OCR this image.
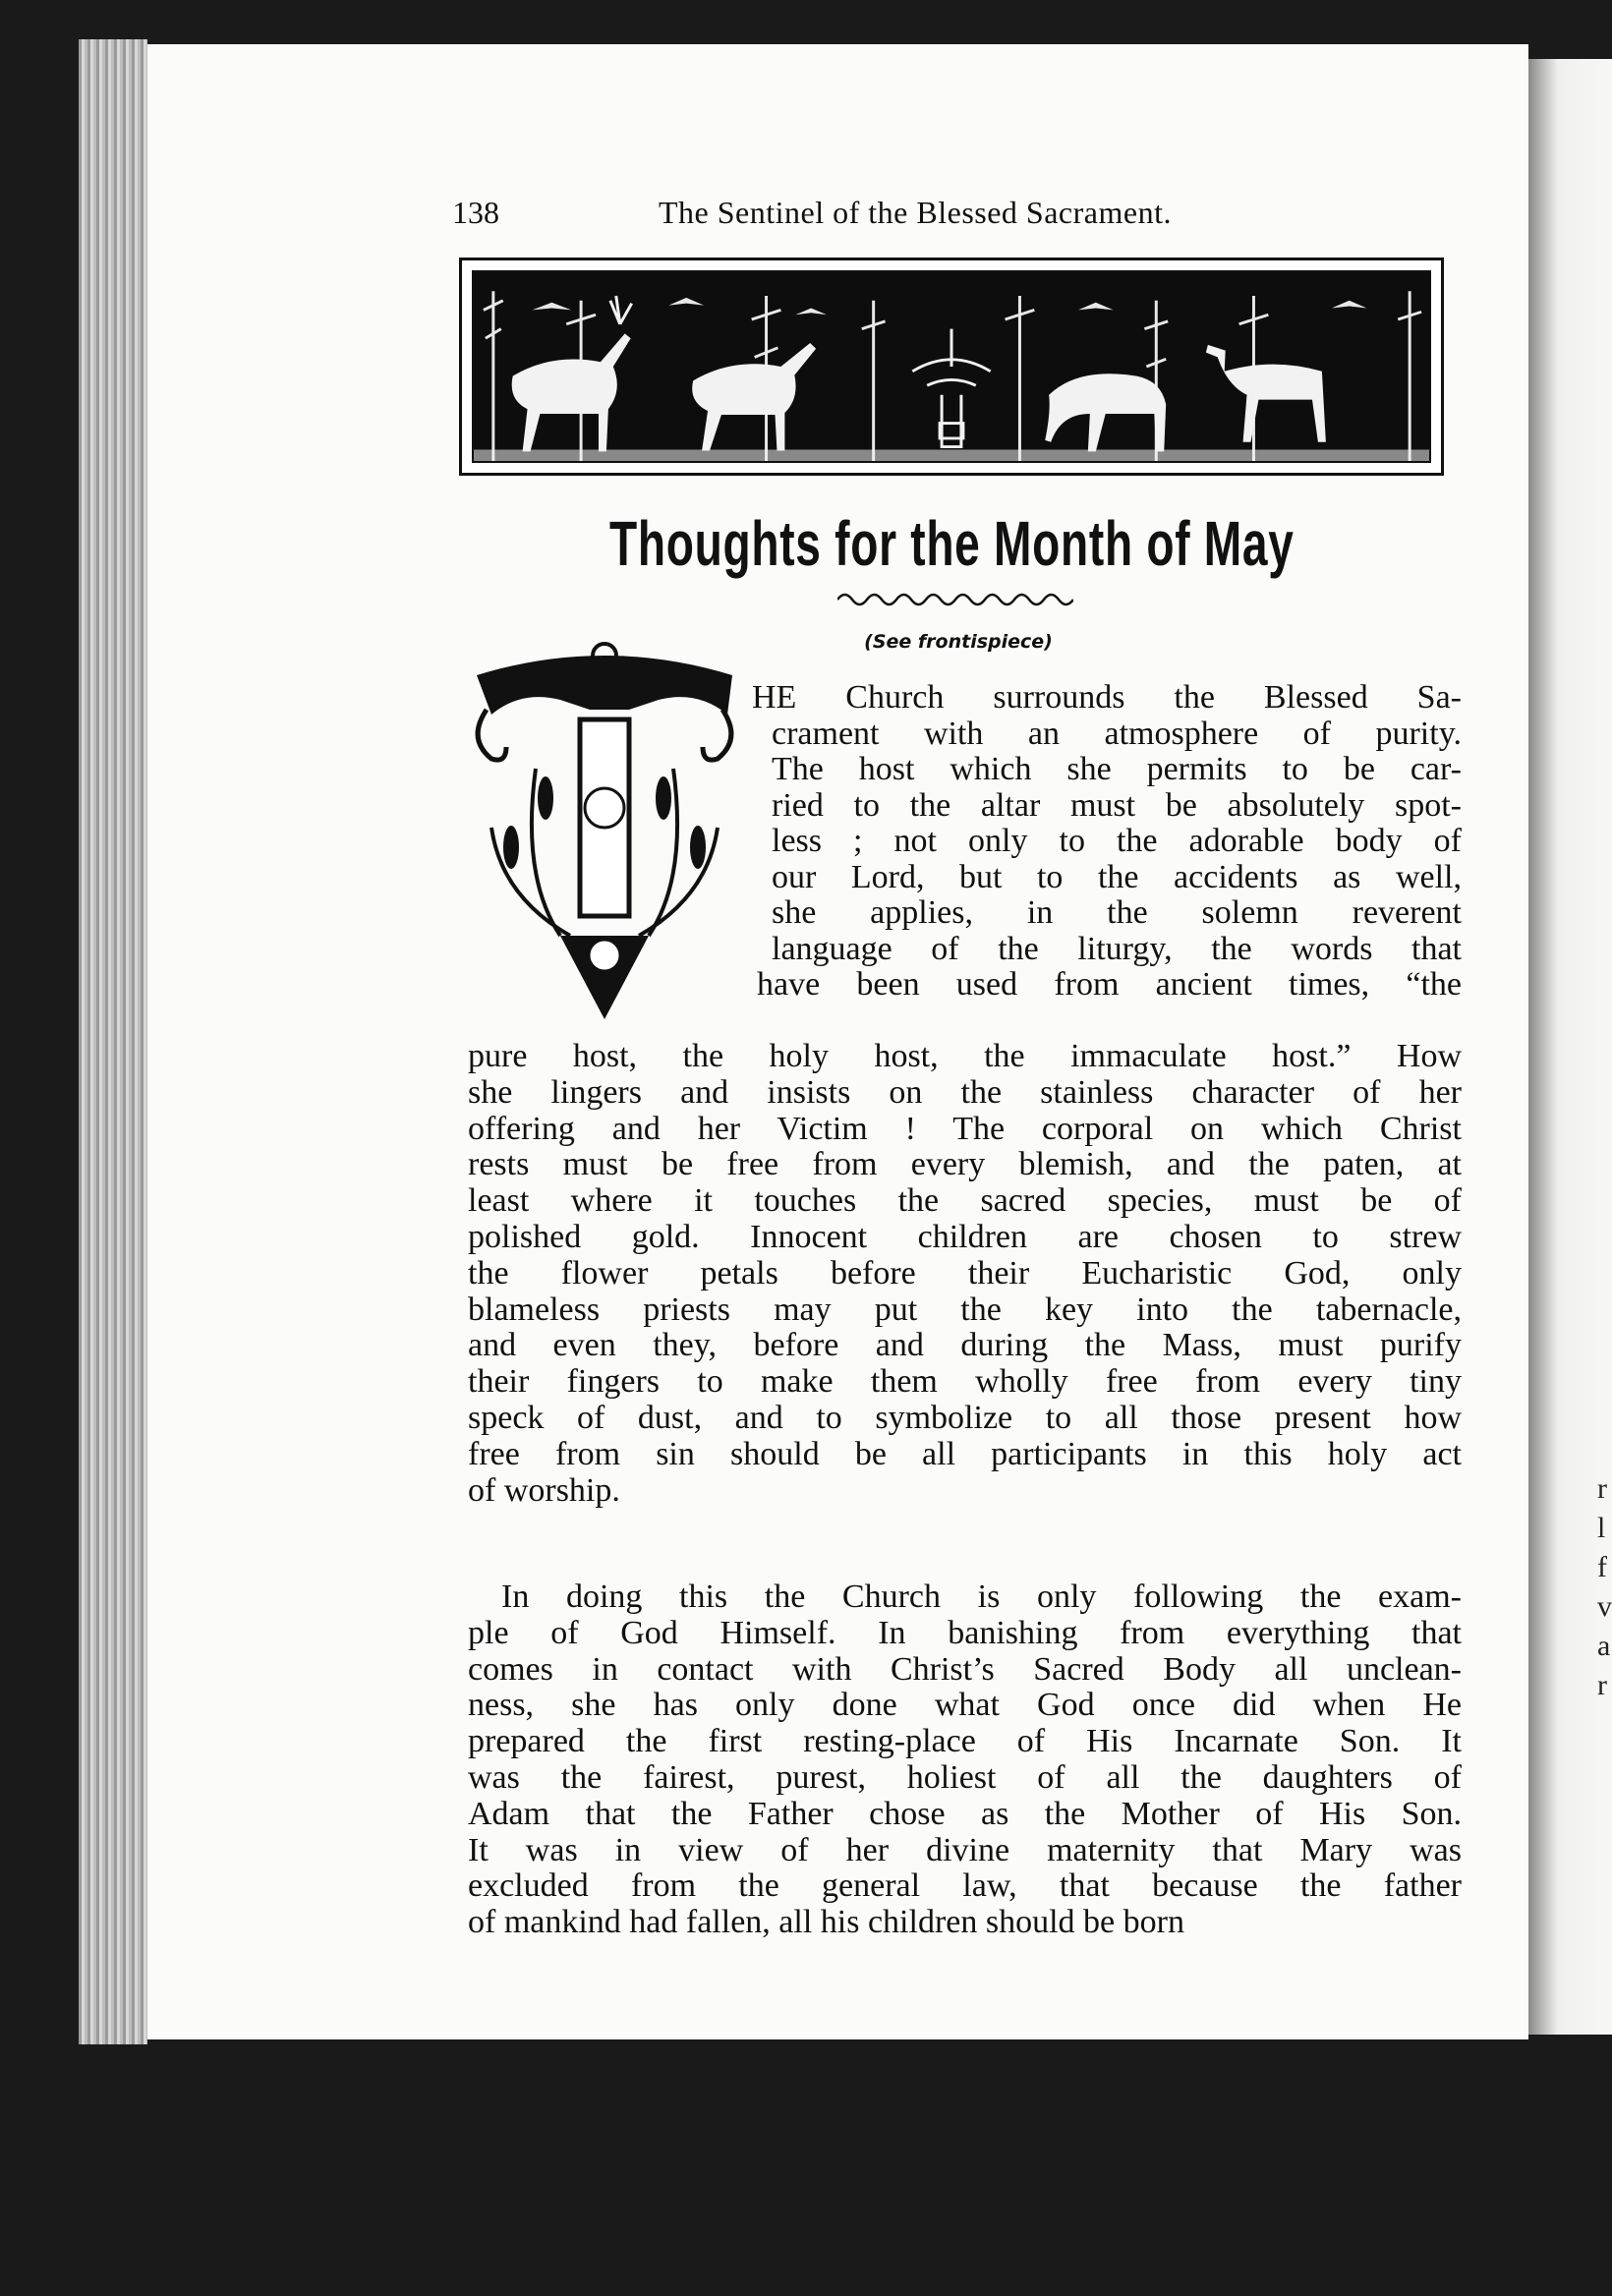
r
l
f
v
a
r
138	The Sentinel of the Blessed Sacrament.
Thoughts for the Month of May
(See frontispiece)
HE Church surrounds the Blessed Sa-
crament with an atmosphere of purity.
The host which she permits to be car-
ried to the altar must be absolutely spot-
less ; not only to the adorable body of
our Lord, but to the accidents as well,
she applies, in the solemn reverent
language of the liturgy, the words that
have been used from ancient times, “the
pure host, the holy host, the immaculate host.” How
she lingers and insists on the stainless character of her
offering and her Victim ! The corporal on which Christ
rests must be free from every blemish, and the paten, at
least where it touches the sacred species, must be of
polished gold. Innocent children are chosen to strew
the flower petals before their Eucharistic God, only
blameless priests may put the key into the tabernacle,
and even they, before and during the Mass, must purify
their fingers to make them wholly free from every tiny
speck of dust, and to symbolize to all those present how
free from sin should be all participants in this holy act
of worship.
In doing this the Church is only following the exam-
ple of God Himself. In banishing from everything that
comes in contact with Christ’s Sacred Body all unclean-
ness, she has only done what God once did when He
prepared the first resting-place of His Incarnate Son. It
was the fairest, purest, holiest of all the daughters of
Adam that the Father chose as the Mother of His Son.
It was in view of her divine maternity that Mary was
excluded from the general law, that because the father
of mankind had fallen, all his children should be born
